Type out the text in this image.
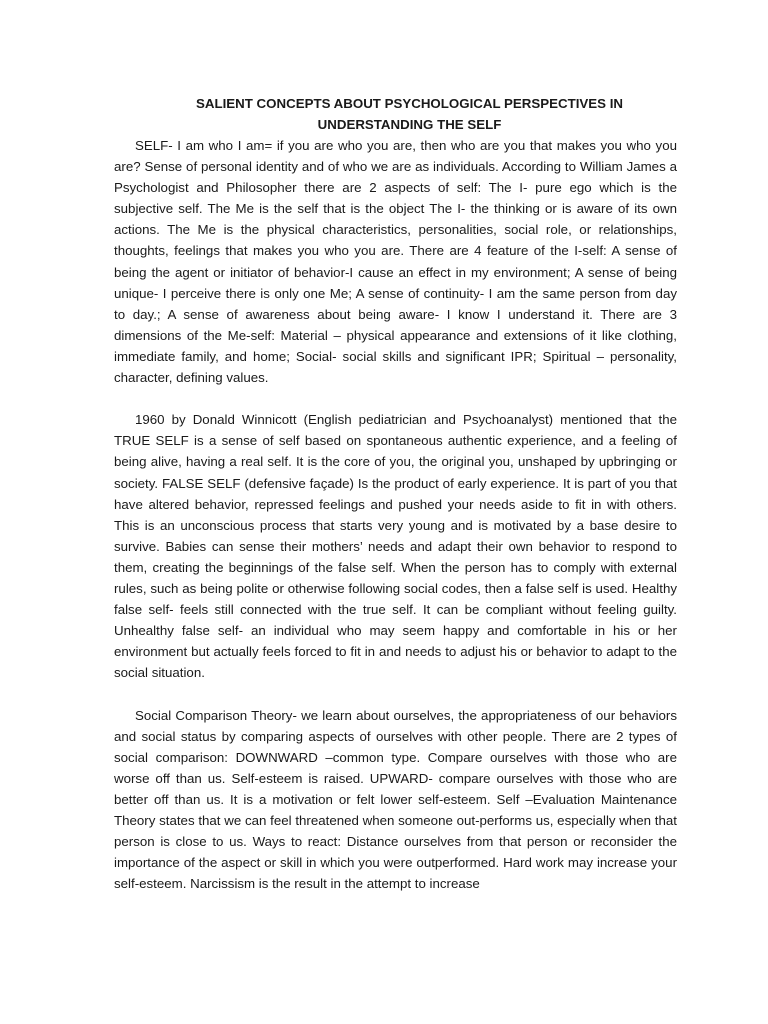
SALIENT CONCEPTS ABOUT PSYCHOLOGICAL PERSPECTIVES IN UNDERSTANDING THE SELF

SELF- I am who I am= if you are who you are, then who are you that makes you who you are? Sense of personal identity and of who we are as individuals. According to William James a Psychologist and Philosopher there are 2 aspects of self: The I- pure ego which is the subjective self. The Me is the self that is the object The I- the thinking or is aware of its own actions. The Me is the physical characteristics, personalities, social role, or relationships, thoughts, feelings that makes you who you are. There are 4 feature of the I-self: A sense of being the agent or initiator of behavior-I cause an effect in my environment; A sense of being unique- I perceive there is only one Me; A sense of continuity- I am the same person from day to day.; A sense of awareness about being aware- I know I understand it. There are 3 dimensions of the Me-self: Material – physical appearance and extensions of it like clothing, immediate family, and home; Social- social skills and significant IPR; Spiritual – personality, character, defining values.

1960 by Donald Winnicott (English pediatrician and Psychoanalyst) mentioned that the TRUE SELF is a sense of self based on spontaneous authentic experience, and a feeling of being alive, having a real self. It is the core of you, the original you, unshaped by upbringing or society. FALSE SELF (defensive façade) Is the product of early experience. It is part of you that have altered behavior, repressed feelings and pushed your needs aside to fit in with others. This is an unconscious process that starts very young and is motivated by a base desire to survive. Babies can sense their mothers’ needs and adapt their own behavior to respond to them, creating the beginnings of the false self. When the person has to comply with external rules, such as being polite or otherwise following social codes, then a false self is used. Healthy false self- feels still connected with the true self. It can be compliant without feeling guilty. Unhealthy false self- an individual who may seem happy and comfortable in his or her environment but actually feels forced to fit in and needs to adjust his or behavior to adapt to the social situation.

Social Comparison Theory- we learn about ourselves, the appropriateness of our behaviors and social status by comparing aspects of ourselves with other people. There are 2 types of social comparison: DOWNWARD –common type. Compare ourselves with those who are worse off than us. Self-esteem is raised. UPWARD- compare ourselves with those who are better off than us. It is a motivation or felt lower self-esteem. Self –Evaluation Maintenance Theory states that we can feel threatened when someone out-performs us, especially when that person is close to us. Ways to react: Distance ourselves from that person or reconsider the importance of the aspect or skill in which you were outperformed. Hard work may increase your self-esteem. Narcissism is the result in the attempt to increase
